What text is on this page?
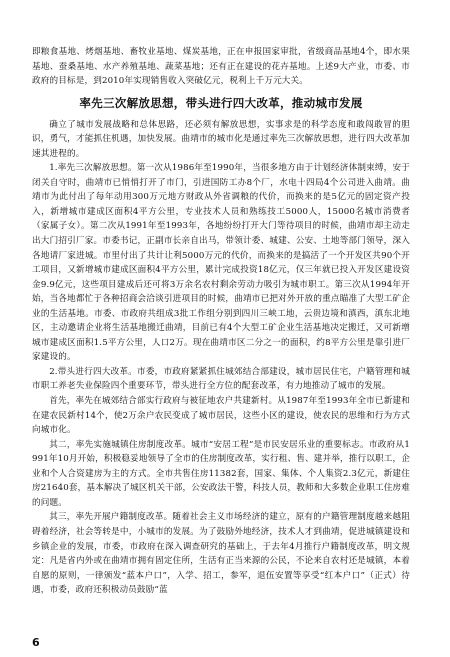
即粮食基地、烤烟基地、畜牧业基地、煤炭基地，正在申报国家审批，省级商品基地4个，即水果基地、蚕桑基地、水产养殖基地、蔬菜基地；还有正在建设的花卉基地。上述9大产业，市委、市政府的目标是，到2010年实现销售收入突破亿元，税利上千万元大关。

率先三次解放思想，带头进行四大改革，推动城市发展

确立了城市发展战略和总体思路，还必须有解放思想，实事求是的科学态度和敢闯敢冒的胆识，勇气，才能抓住机遇，加快发展。曲靖市的城市化是通过率先三次解放思想，进行四大改革加速其进程的。

1.率先三次解放思想。第一次从1986年至1990年，当很多地方由于计划经济体制束缚，安于闭关自守时，曲靖市已悄悄打开了市门，引进国防工办8个厂，水电十四局4个公司进入曲靖。曲靖市为此付出了每年动用300万元地方财政从外省调粮的代价，而换来的是5亿元的固定资产投入，新增城市建成区面积4平方公里，专业技术人员和熟练技工5000人，15000名城市消费者（家属子女）。第二次从1991年至1993年，各地纷纷打开大门等待项目的时候，曲靖市却主动走出大门招引厂家。市委书记，正副市长亲自出马，带领计委、城建、公安、土地等部门领导，深入各地请厂家进城。市里付出了共计让利5000万元的代价，而换来的是搞活了一个开发区共90个开工项目，又新增城市建成区面积4平方公里，累计完成投资18亿元，仅三年就已投入开发区建设资金9.9亿元，这些项目建成后还可将3万余名农村剩余劳动力吸引为城市职工。第三次从1994年开始，当各地都忙于各种招商会洽谈引进项目的时候，曲靖市已把对外开放的重点瞄准了大型工矿企业的生活基地。市委、市政府共组成3批工作组分别到四川三峡工地，云贵边境和滇西，滇东北地区，主动邀请企业将生活基地搬迁曲靖，目前已有4个大型工矿企业生活基地决定搬迁，又可新增城市建成区面积1.5平方公里，人口2万。现在曲靖市区二分之一的面积，约8平方公里是靠引进厂家建设的。

2.带头进行四大改革。市委，市政府紧紧抓住城郊结合部建设，城市居民住宅，户籍管理和城市职工养老失业保险四个重要环节，带头进行全方位的配套改革，有力地推动了城市的发展。

首先，率先在城郊结合部实行政府与被征地农户共建新村。从1987年至1993年全市已新建和在建农民新村14个，使2万余户农民变成了城市居民，这些小区的建设，使农民的思维和行为方式向城市化。

其二，率先实施城镇住房制度改革。城市“安居工程”是市民安居乐业的重要标志。市政府从1991年10月开始，积极稳妥地领导了全市的住房制度改革，实行租、售、建并举，推行以职工，企业和个人合资建房为主的方式。全市共售住房11382套，国家、集体、个人集资2.3亿元，新建住房21640套，基本解决了城区机关干部，公安政法干警，科技人员，教师和大多数企业职工住房难的问题。

其三，率先开展户籍制度改革。随着社会主义市场经济的建立，原有的户籍管理制度越来越阻碍着经济，社会等转是中，小城市的发展。为了鼓励外地经济，技术人才到曲靖，促进城镇建设和乡镇企业的发展，市委，市政府在深入调查研究的基础上，于去年4月推行户籍制度改革，明文规定：凡是省内外或在曲靖市拥有固定住所，生活有正当来源的公民，不论来自农村还是城镇，本着自愿的原则，一律颁发“蓝本户口”，入学、招工，参军，退伍安置等享受“红本户口”（正式）待遇，市委，政府还积极动员鼓励“蓝

6
